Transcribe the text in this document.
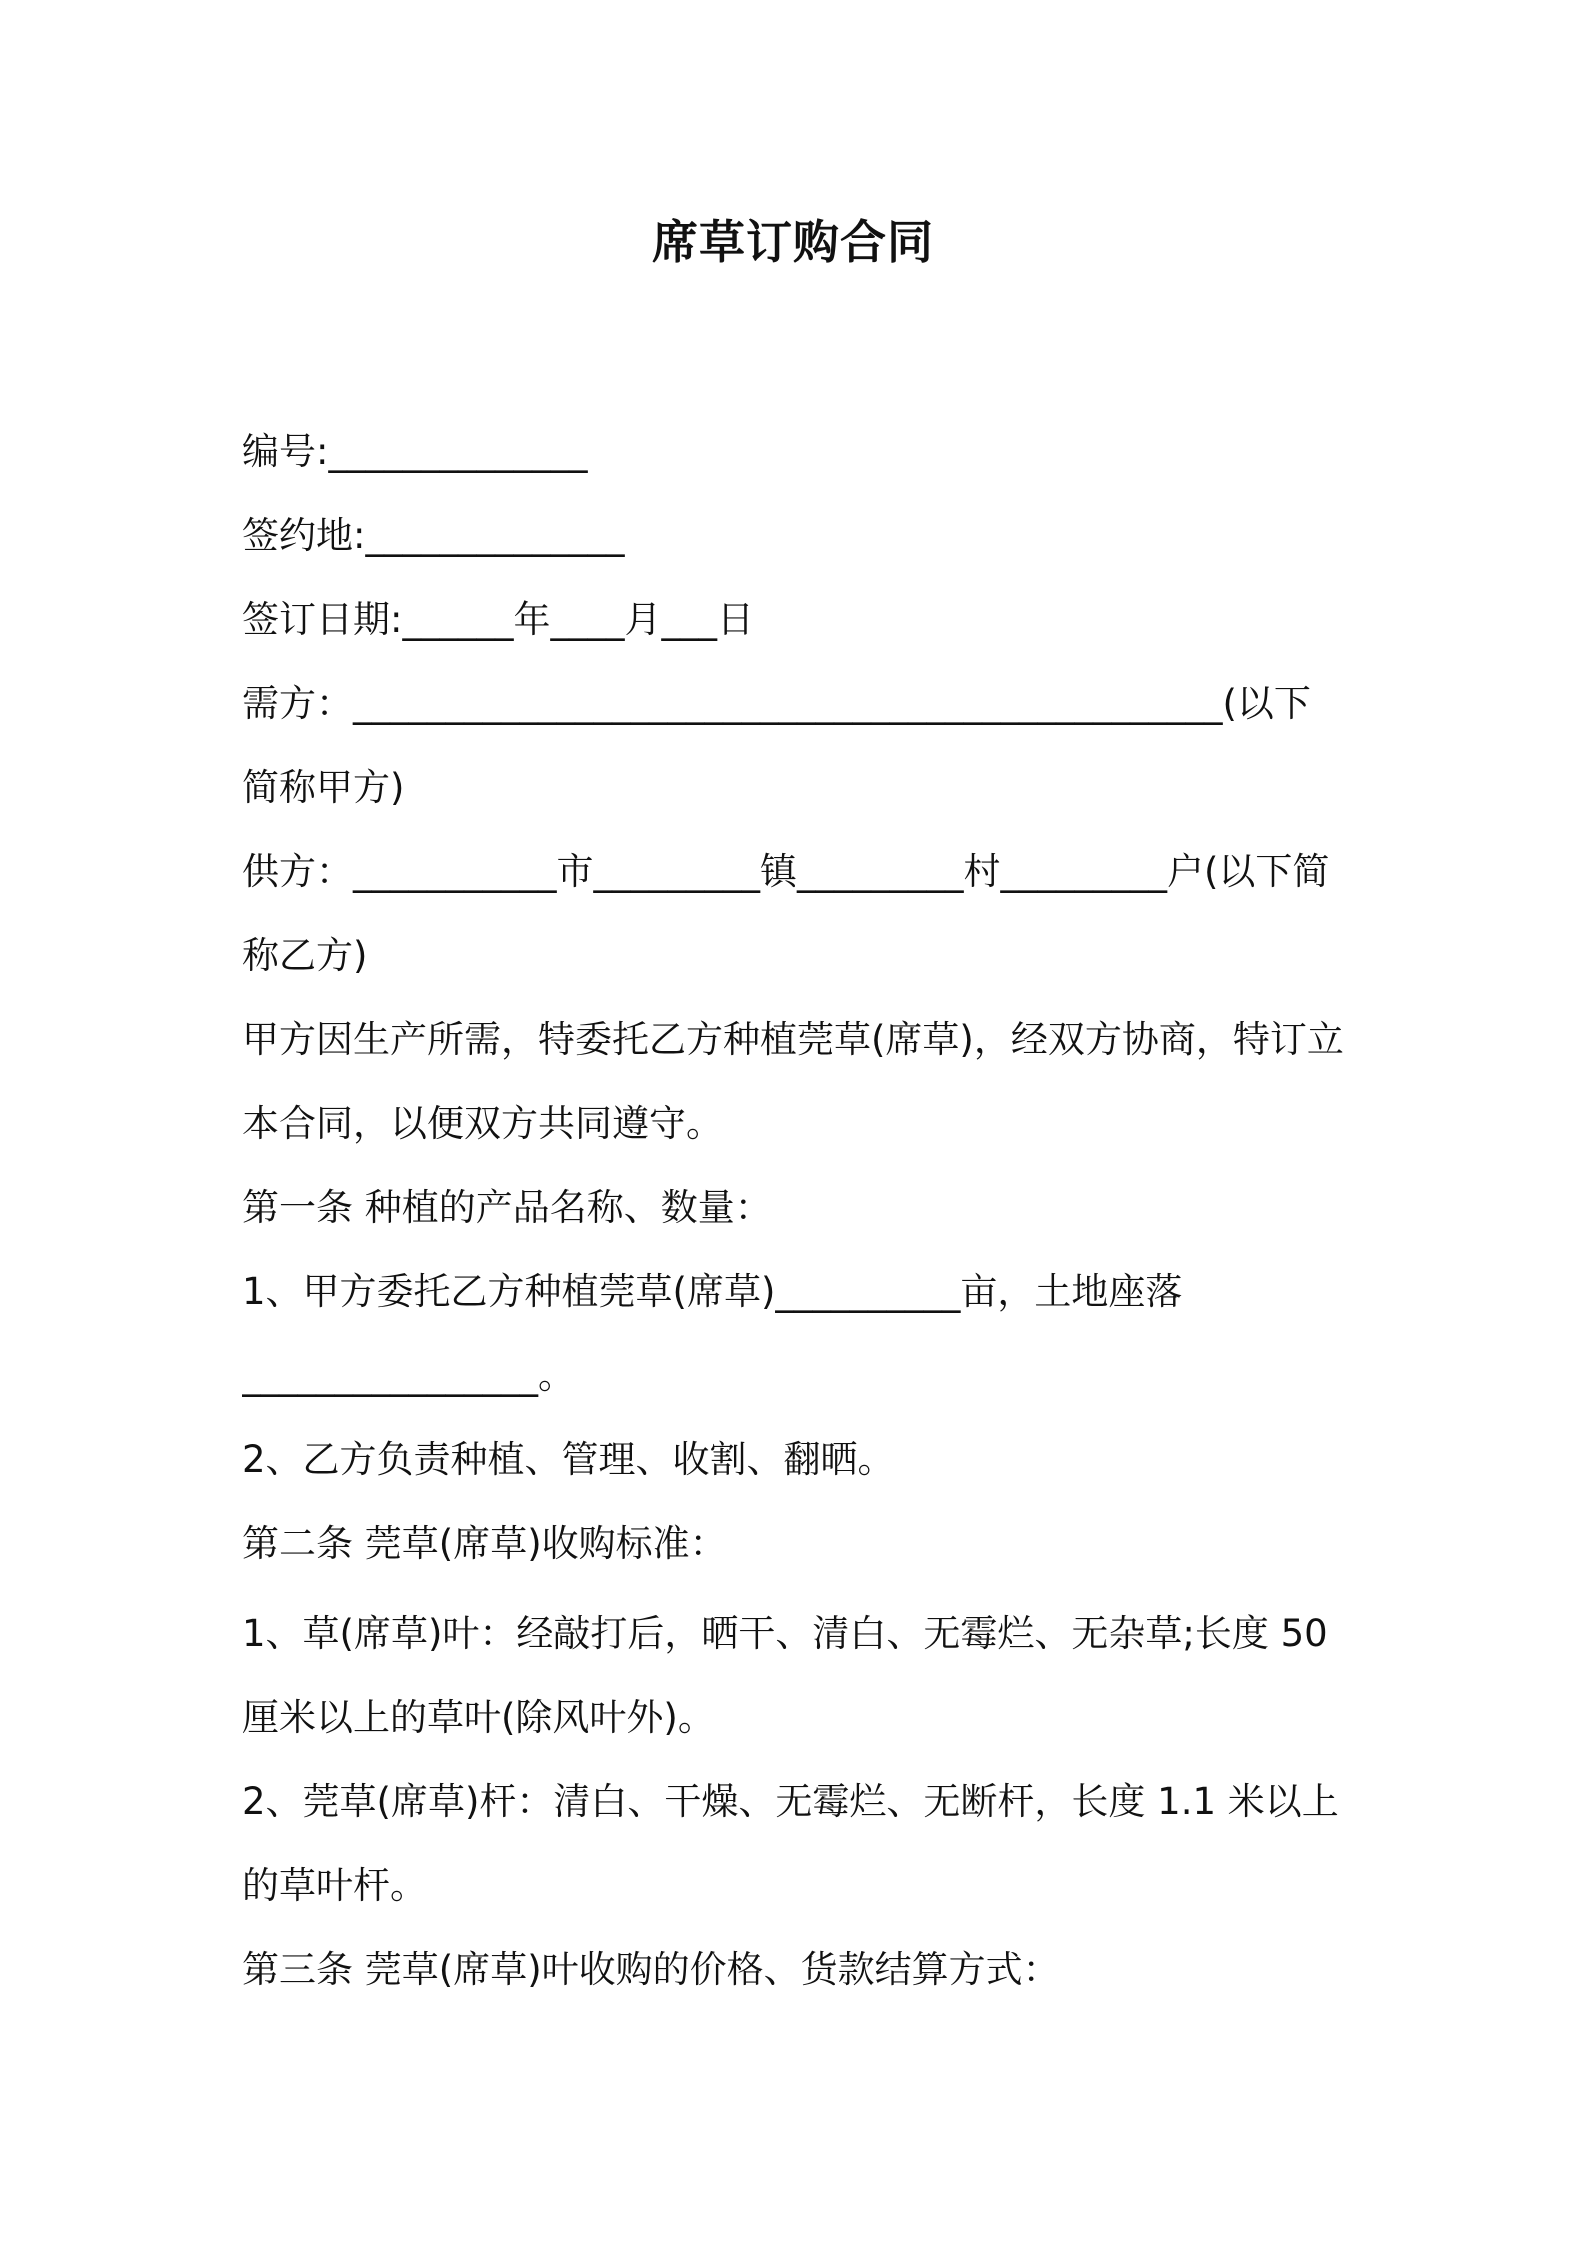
席草订购合同
编号:______________
签约地:______________
签订日期:______年____月___日
需方：_______________________________________________(以下
简称甲方)
供方：___________市_________镇_________村_________户(以下简
称乙方)
甲方因生产所需，特委托乙方种植莞草(席草)，经双方协商，特订立
本合同，以便双方共同遵守。
第一条 种植的产品名称、数量：
1、甲方委托乙方种植莞草(席草)__________亩，土地座落
________________。
2、乙方负责种植、管理、收割、翻晒。
第二条 莞草(席草)收购标准：
1、草(席草)叶：经敲打后，晒干、清白、无霉烂、无杂草;长度 50
厘米以上的草叶(除风叶外)。
2、莞草(席草)杆：清白、干燥、无霉烂、无断杆，长度 1.1 米以上
的草叶杆。
第三条 莞草(席草)叶收购的价格、货款结算方式：
